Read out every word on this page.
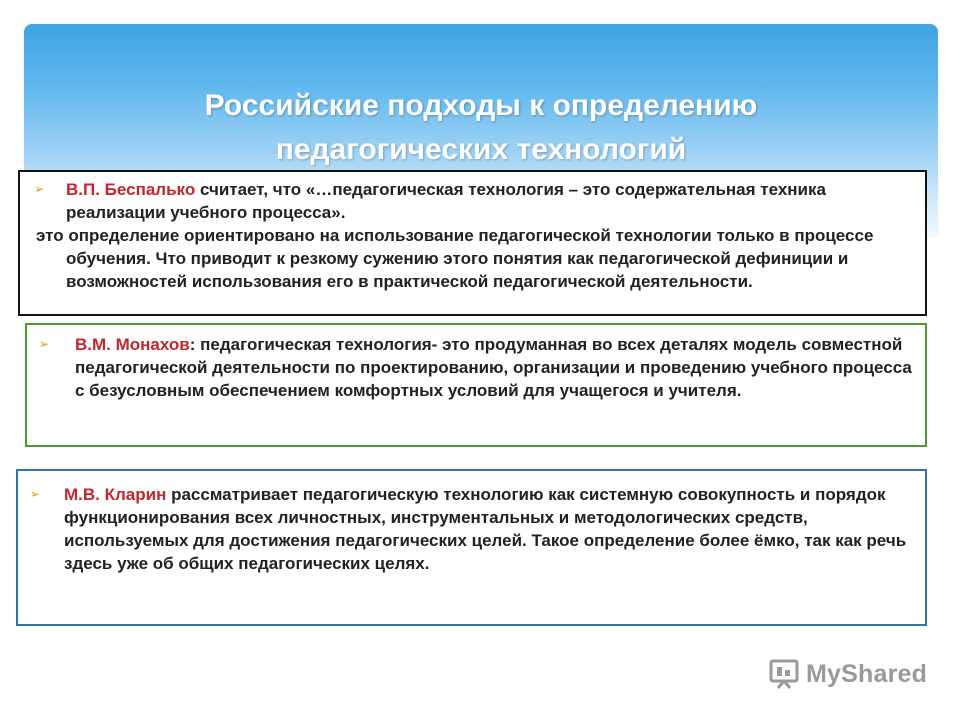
Российские подходы к определению
педагогических технологий
➢ В.П. Беспалько считает, что «…педагогическая технология – это содержательная техника реализации учебного процесса».
это определение ориентировано на использование педагогической технологии только в процессе обучения. Что приводит к резкому сужению этого понятия как педагогической дефиниции и возможностей использования его в практической педагогической деятельности.
➢ В.М. Монахов: педагогическая технология- это продуманная во всех деталях модель совместной педагогической деятельности по проектированию, организации и проведению учебного процесса с безусловным обеспечением комфортных условий для учащегося и учителя.
➢ М.В. Кларин рассматривает педагогическую технологию как системную совокупность и порядок функционирования всех личностных, инструментальных и методологических средств, используемых для достижения педагогических целей. Такое определение более ёмко, так как речь здесь уже об общих педагогических целях.
MyShared
